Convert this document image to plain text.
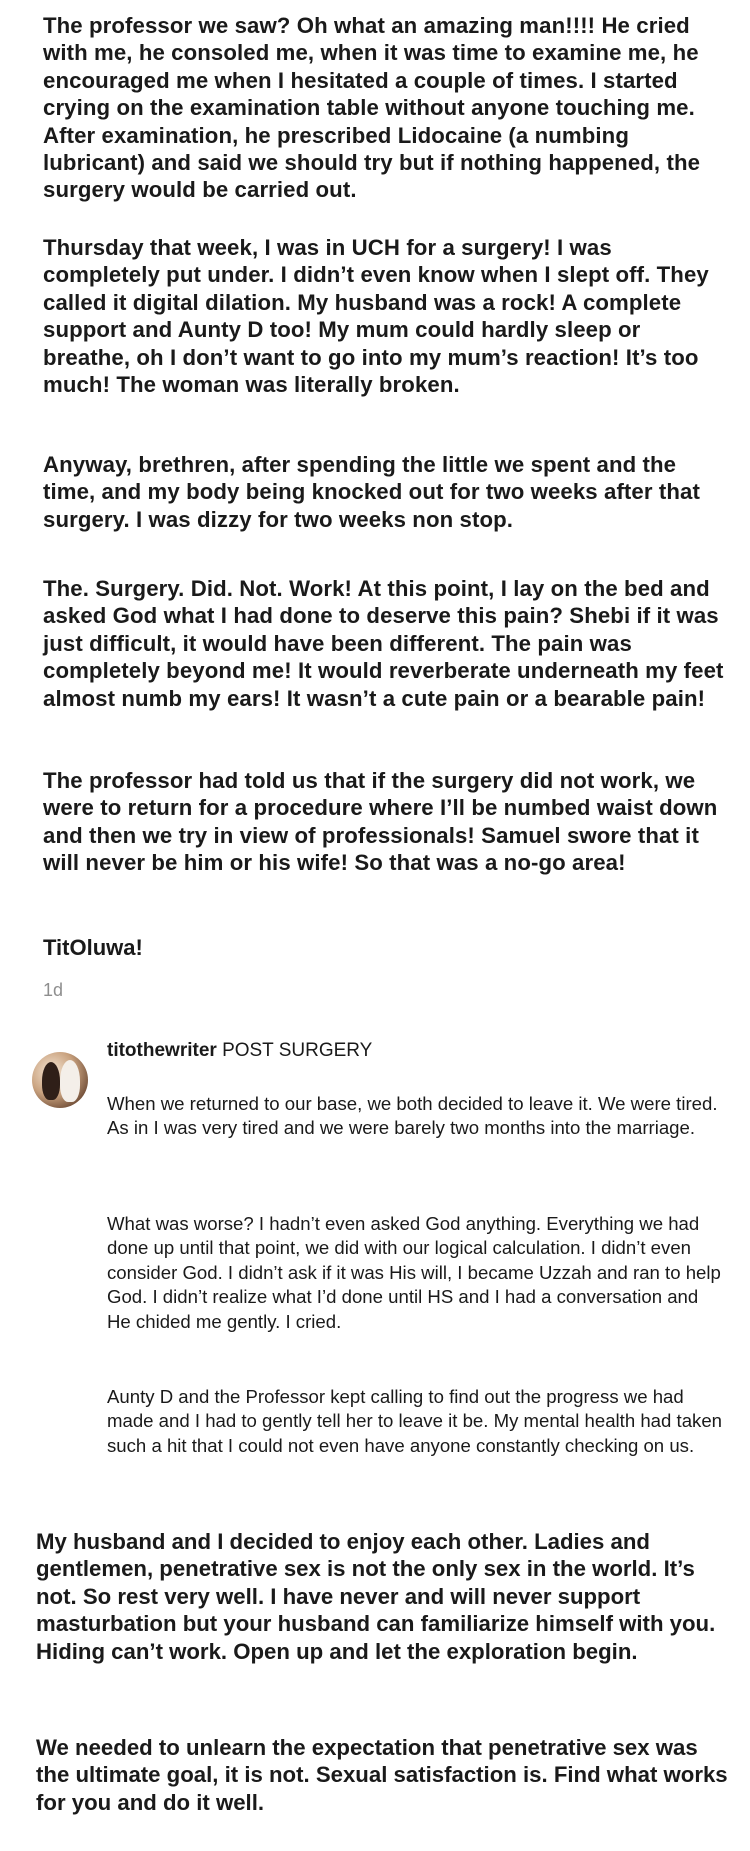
The professor we saw? Oh what an amazing man!!!! He cried with me, he consoled me, when it was time to examine me, he encouraged me when I hesitated a couple of times. I started crying on the examination table without anyone touching me. After examination, he prescribed Lidocaine (a numbing lubricant) and said we should try but if nothing happened, the surgery would be carried out.

Thursday that week, I was in UCH for a surgery! I was completely put under. I didn’t even know when I slept off. They called it digital dilation. My husband was a rock! A complete support and Aunty D too! My mum could hardly sleep or breathe, oh I don’t want to go into my mum’s reaction! It’s too much! The woman was literally broken.

Anyway, brethren, after spending the little we spent and the time, and my body being knocked out for two weeks after that surgery. I was dizzy for two weeks non stop.

The. Surgery. Did. Not. Work! At this point, I lay on the bed and asked God what I had done to deserve this pain? Shebi if it was just difficult, it would have been different. The pain was completely beyond me! It would reverberate underneath my feet almost numb my ears! It wasn’t a cute pain or a bearable pain!

The professor had told us that if the surgery did not work, we were to return for a procedure where I’ll be numbed waist down and then we try in view of professionals! Samuel swore that it will never be him or his wife! So that was a no-go area!

TitOluwa!

1d

titothewriter POST SURGERY

When we returned to our base, we both decided to leave it. We were tired. As in I was very tired and we were barely two months into the marriage.

What was worse? I hadn’t even asked God anything. Everything we had done up until that point, we did with our logical calculation. I didn’t even consider God. I didn’t ask if it was His will, I became Uzzah and ran to help God. I didn’t realize what I’d done until HS and I had a conversation and He chided me gently. I cried.

Aunty D and the Professor kept calling to find out the progress we had made and I had to gently tell her to leave it be. My mental health had taken such a hit that I could not even have anyone constantly checking on us.

My husband and I decided to enjoy each other. Ladies and gentlemen, penetrative sex is not the only sex in the world. It’s not. So rest very well. I have never and will never support masturbation but your husband can familiarize himself with you. Hiding can’t work. Open up and let the exploration begin.

We needed to unlearn the expectation that penetrative sex was the ultimate goal, it is not. Sexual satisfaction is. Find what works for you and do it well.
